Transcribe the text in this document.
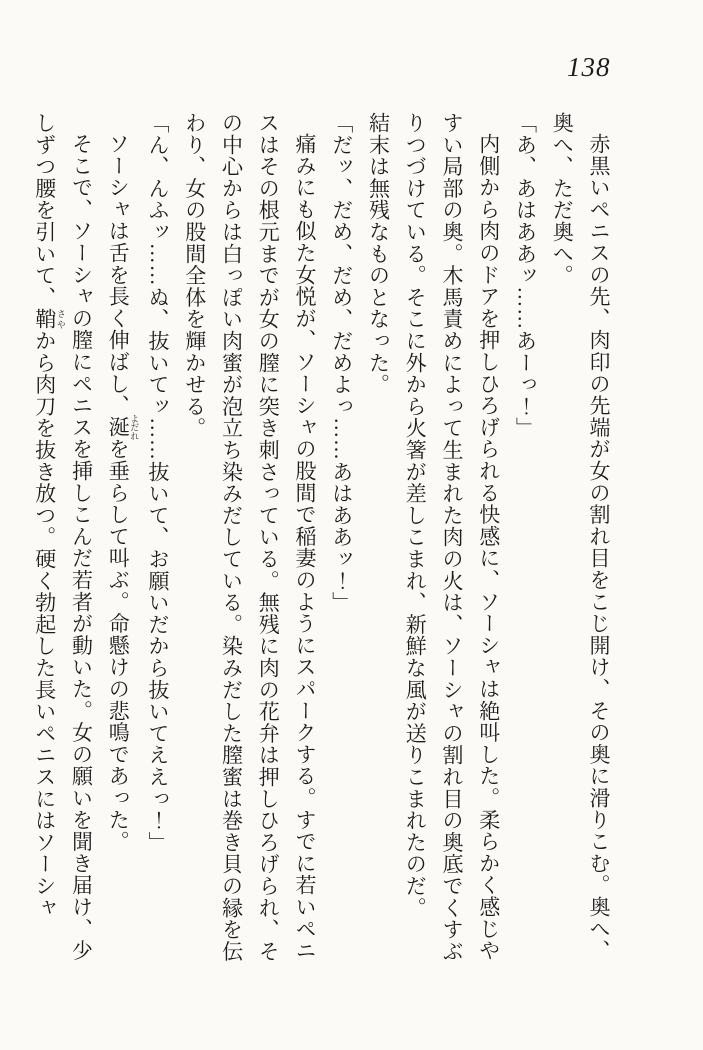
138

赤黒いペニスの先、肉印の先端が女の割れ目をこじ開け、その奥に滑りこむ。奥へ、奥へ、ただ奥へ。

「あ、あはああッ……あーっ！」

内側から肉のドアを押しひろげられる快感に、ソーシャは絶叫した。柔らかく感じやすい局部の奥。木馬責めによって生まれた肉の火は、ソーシャの割れ目の奥底でくすぶりつづけている。そこに外から火箸が差しこまれ、新鮮な風が送りこまれたのだ。

結末は無残なものとなった。

「だッ、だめ、だめ、だめよっ……あはああッ！」

痛みにも似た女悦が、ソーシャの股間で稲妻のようにスパークする。すでに若いペニスはその根元までが女の膣に突き刺さっている。無残に肉の花弁は押しひろげられ、その中心からは白っぽい肉蜜が泡立ち染みだしている。染みだした膣蜜は巻き貝の縁を伝わり、女の股間全体を輝かせる。

「ん、んふッ……ぬ、抜いてッ……抜いて、お願いだから抜いてええっ！」

ソーシャは舌を長く伸ばし、涎 よだれを垂らして叫ぶ。命懸けの悲鳴であった。

そこで、ソーシャの膣にペニスを挿しこんだ若者が動いた。女の願いを聞き届け、少しずつ腰を引いて、鞘 さやから肉刀を抜き放つ。硬く勃起した長いペニスにはソーシャ
